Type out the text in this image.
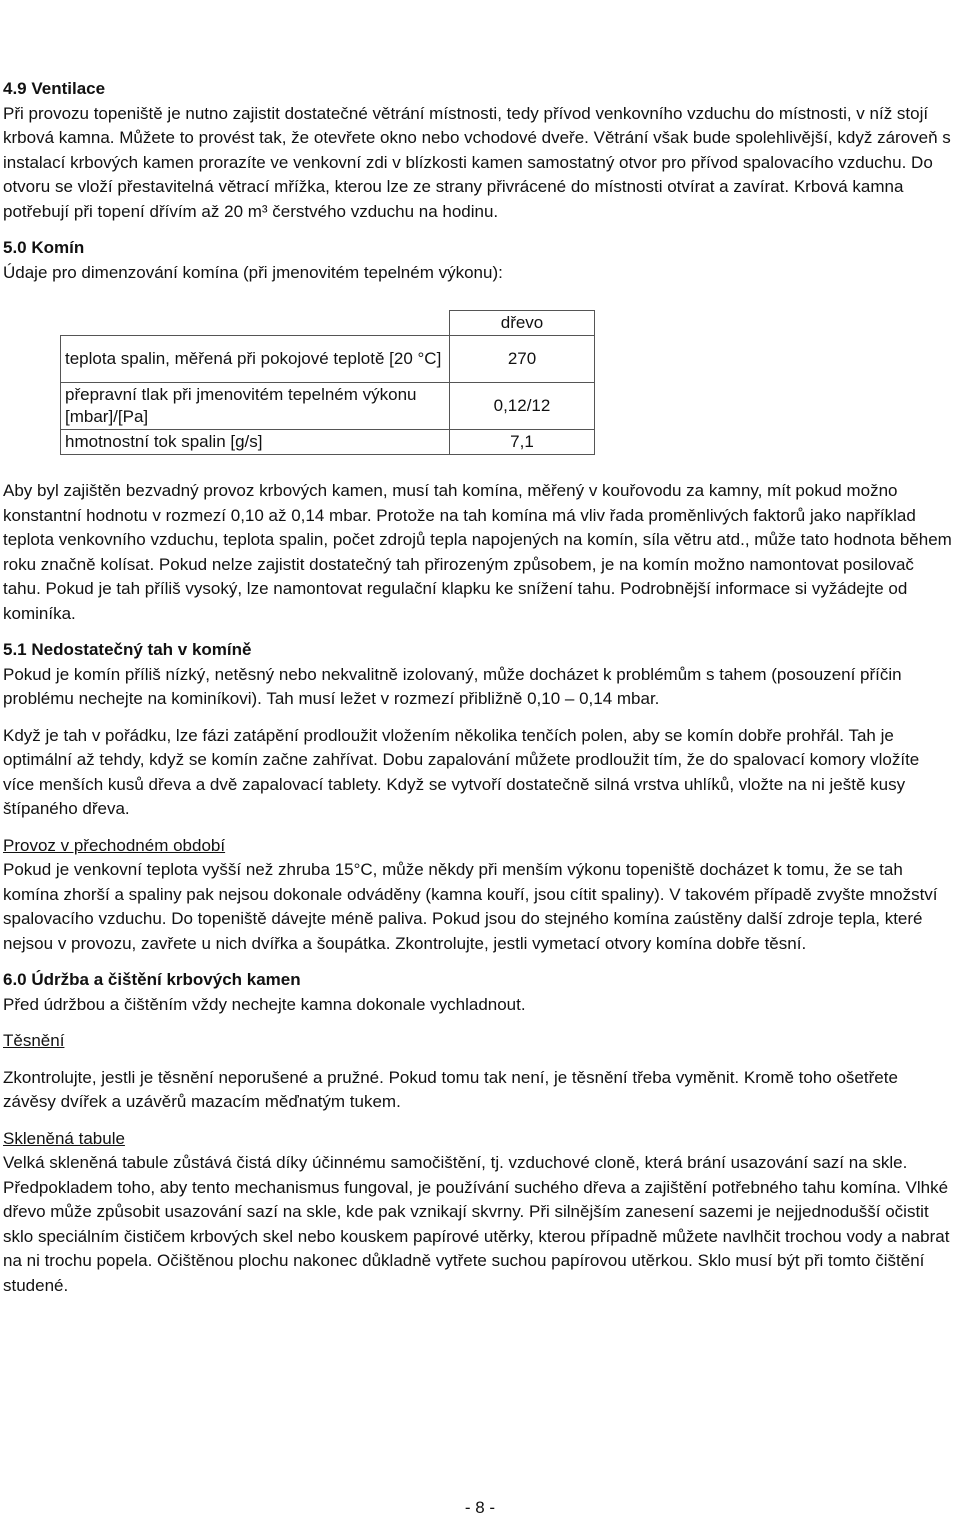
4.9 Ventilace

Při provozu topeniště je nutno zajistit dostatečné větrání místnosti, tedy přívod venkovního vzduchu do místnosti, v níž stojí krbová kamna. Můžete to provést tak, že otevřete okno nebo vchodové dveře. Větrání však bude spolehlivější, když zároveň s instalací krbových kamen prorazíte ve venkovní zdi v blízkosti kamen samostatný otvor pro přívod spalovacího vzduchu. Do otvoru se vloží přestavitelná větrací mřížka, kterou lze ze strany přivrácené do místnosti otvírat a zavírat. Krbová kamna potřebují při topení dřívím až 20 m³ čerstvého vzduchu na hodinu.

5.0 Komín

Údaje pro dimenzování komína (při jmenovitém tepelném výkonu):

	dřevo
teplota spalin, měřená při pokojové teplotě [20 °C]	270
přepravní tlak při jmenovitém tepelném výkonu [mbar]/[Pa]	0,12/12
hmotnostní tok spalin [g/s]	7,1

Aby byl zajištěn bezvadný provoz krbových kamen, musí tah komína, měřený v kouřovodu za kamny, mít pokud možno konstantní hodnotu v rozmezí 0,10 až 0,14 mbar. Protože na tah komína má vliv řada proměnlivých faktorů jako například teplota venkovního vzduchu, teplota spalin, počet zdrojů tepla napojených na komín, síla větru atd., může tato hodnota během roku značně kolísat. Pokud nelze zajistit dostatečný tah přirozeným způsobem, je na komín možno namontovat posilovač tahu. Pokud je tah příliš vysoký, lze namontovat regulační klapku ke snížení tahu. Podrobnější informace si vyžádejte od kominíka.

5.1 Nedostatečný tah v komíně

Pokud je komín příliš nízký, netěsný nebo nekvalitně izolovaný, může docházet k problémům s tahem (posouzení příčin problému nechejte na kominíkovi). Tah musí ležet v rozmezí přibližně 0,10 – 0,14 mbar.

Když je tah v pořádku, lze fázi zatápění prodloužit vložením několika tenčích polen, aby se komín dobře prohřál. Tah je optimální až tehdy, když se komín začne zahřívat. Dobu zapalování můžete prodloužit tím, že do spalovací komory vložíte více menších kusů dřeva a dvě zapalovací tablety. Když se vytvoří dostatečně silná vrstva uhlíků, vložte na ni ještě kusy štípaného dřeva.

Provoz v přechodném období

Pokud je venkovní teplota vyšší než zhruba 15°C, může někdy při menším výkonu topeniště docházet k tomu, že se tah komína zhorší a spaliny pak nejsou dokonale odváděny (kamna kouří, jsou cítit spaliny). V takovém případě zvyšte množství spalovacího vzduchu. Do topeniště dávejte méně paliva. Pokud jsou do stejného komína zaústěny další zdroje tepla, které nejsou v provozu, zavřete u nich dvířka a šoupátka. Zkontrolujte, jestli vymetací otvory komína dobře těsní.

6.0 Údržba a čištění krbových kamen

Před údržbou a čištěním vždy nechejte kamna dokonale vychladnout.

Těsnění

Zkontrolujte, jestli je těsnění neporušené a pružné. Pokud tomu tak není, je těsnění třeba vyměnit. Kromě toho ošetřete závěsy dvířek a uzávěrů mazacím měďnatým tukem.

Skleněná tabule

Velká skleněná tabule zůstává čistá díky účinnému samočištění, tj. vzduchové cloně, která brání usazování sazí na skle. Předpokladem toho, aby tento mechanismus fungoval, je používání suchého dřeva a zajištění potřebného tahu komína. Vlhké dřevo může způsobit usazování sazí na skle, kde pak vznikají skvrny. Při silnějším zanesení sazemi je nejjednodušší očistit sklo speciálním čističem krbových skel nebo kouskem papírové utěrky, kterou případně můžete navlhčit trochou vody a nabrat na ni trochu popela. Očištěnou plochu nakonec důkladně vytřete suchou papírovou utěrkou. Sklo musí být při tomto čištění studené.

- 8 -
